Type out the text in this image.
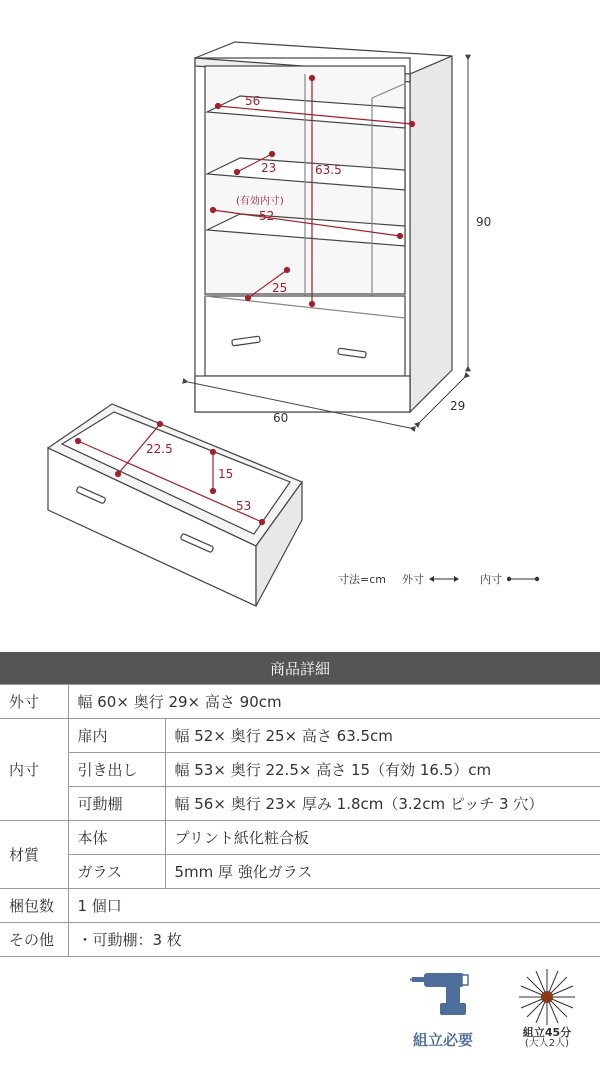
56
23	63.5
(有効内寸)
52
25
90
60
29
22.5
15
53
寸法=cm 外寸	内寸
商品詳細		
外寸	幅 60× 奥行 29× 高さ 90cm	
内寸	扉内	幅 52× 奥行 25× 高さ 63.5cm
	引き出し	幅 53× 奥行 22.5× 高さ 15（有効 16.5）cm
	可動棚	幅 56× 奥行 23× 厚み 1.8cm（3.2cm ピッチ 3 穴）
材質	本体	プリント紙化粧合板
	ガラス	5mm 厚 強化ガラス
梱包数	1 個口	
その他	・可動棚：3 枚	
組立必要	組立45分
(大人2人)
